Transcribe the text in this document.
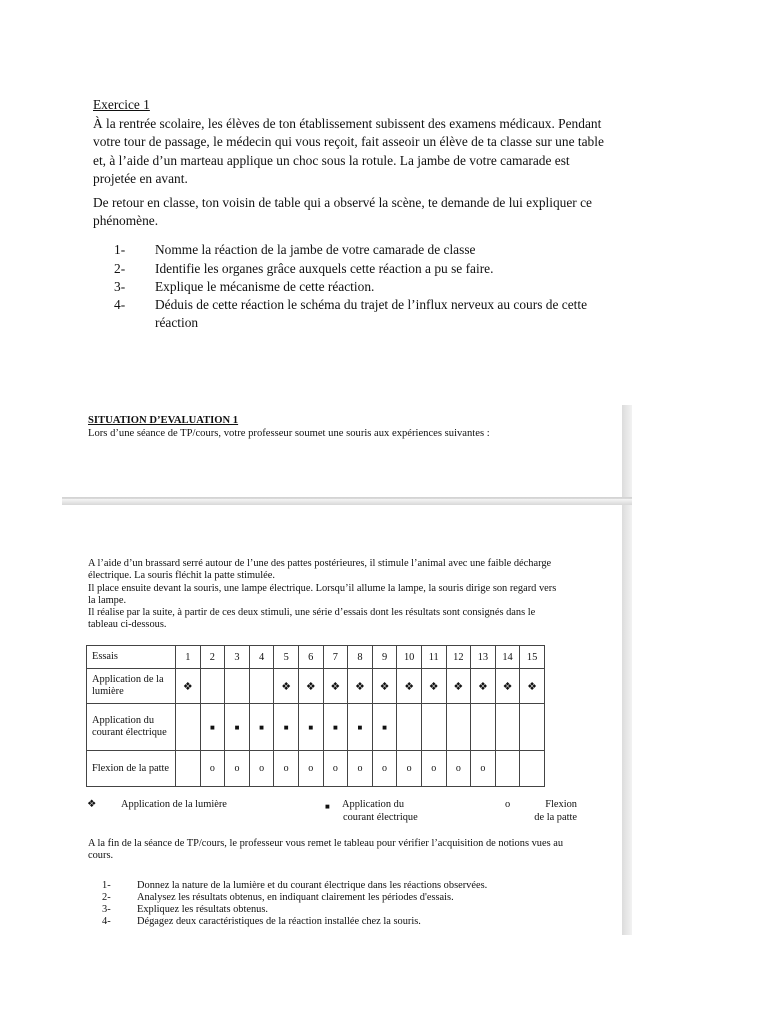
Exercice 1

À la rentrée scolaire, les élèves de ton établissement subissent des examens médicaux. Pendant votre tour de passage, le médecin qui vous reçoit, fait asseoir un élève de ta classe sur une table et, à l’aide d’un marteau applique un choc sous la rotule. La jambe de votre camarade est projetée en avant.

De retour en classe, ton voisin de table qui a observé la scène, te demande de lui expliquer ce phénomène.

1-	Nomme la réaction de la jambe de votre camarade de classe
2-	Identifie les organes grâce auxquels cette réaction a pu se faire.
3-	Explique le mécanisme de cette réaction.
4-	Déduis de cette réaction le schéma du trajet de l’influx nerveux au cours de cette réaction
SITUATION D’EVALUATION 1
Lors d’une séance de TP/cours, votre professeur soumet une souris aux expériences suivantes :

A l’aide d’un brassard serré autour de l’une des pattes postérieures, il stimule l’animal avec une faible décharge électrique. La souris fléchit la patte stimulée.

Il place ensuite devant la souris, une lampe électrique. Lorsqu’il allume la lampe, la souris dirige son regard vers la lampe.

Il réalise par la suite, à partir de ces deux stimuli, une série d’essais dont les résultats sont consignés dans le tableau ci-dessous.

Essais	1	2	3	4	5	6	7	8	9	10	11	12	13	14	15
Application de la lumière	❖				❖	❖	❖	❖	❖	❖	❖	❖	❖	❖	❖
Application du courant électrique		■	■	■	■	■	■	■	■						
Flexion de la patte		o	o	o	o	o	o	o	o	o	o	o	o		
❖ Application de la lumière	■ Application du
courant électrique
o	Flexion
de la patte

A la fin de la séance de TP/cours, le professeur vous remet le tableau pour vérifier l’acquisition de notions vues au cours.

1-	Donnez la nature de la lumière et du courant électrique dans les réactions observées.
2-	Analysez les résultats obtenus, en indiquant clairement les périodes d'essais.
3-	Expliquez les résultats obtenus.
4-	Dégagez deux caractéristiques de la réaction installée chez la souris.
